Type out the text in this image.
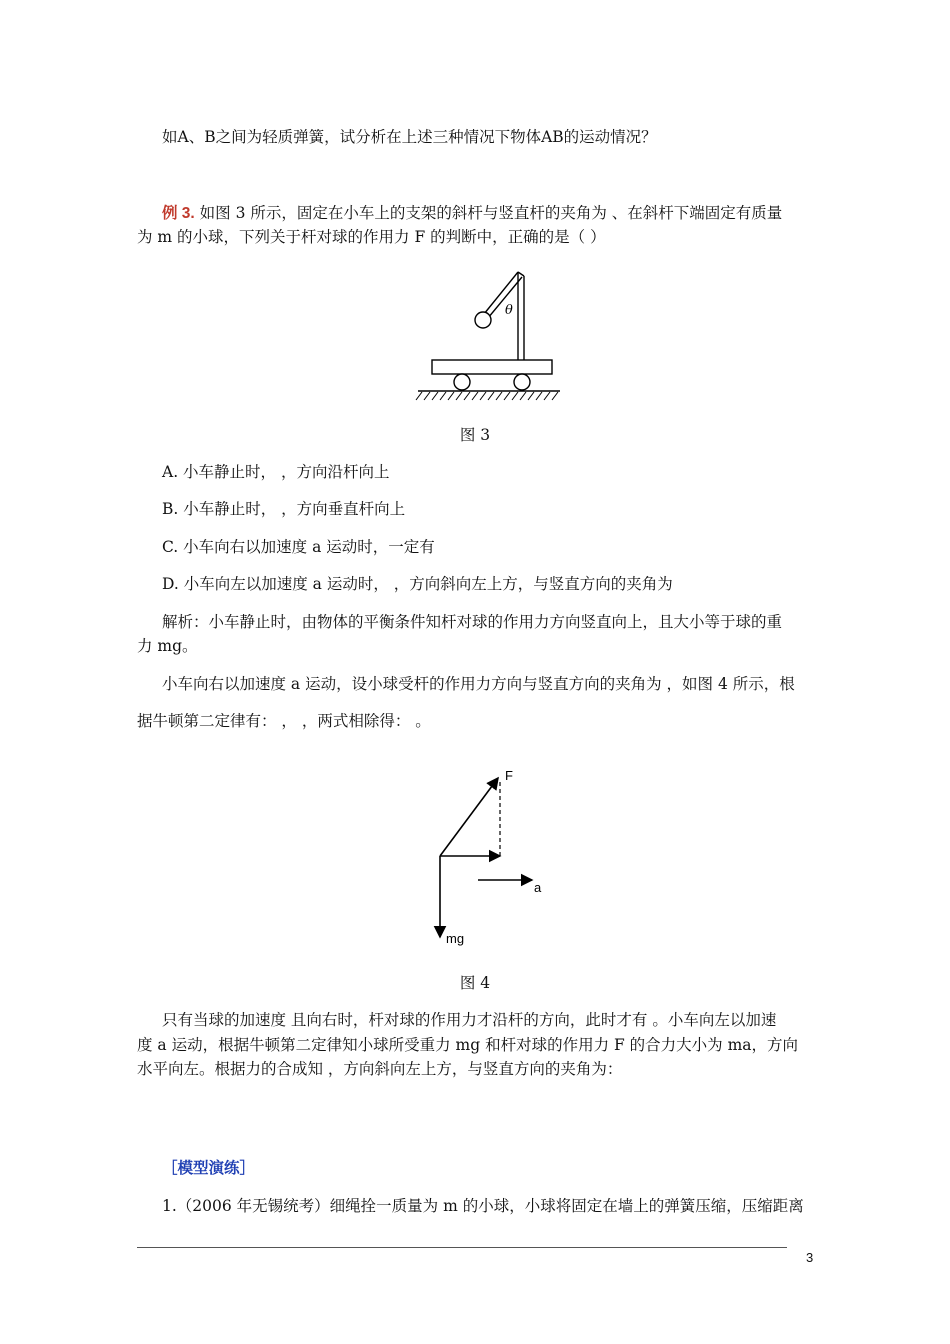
如A、B之间为轻质弹簧，试分析在上述三种情况下物体AB的运动情况？
例 3. 如图 3 所示，固定在小车上的支架的斜杆与竖直杆的夹角为 、在斜杆下端固定有质量
为 m 的小球，下列关于杆对球的作用力 F 的判断中，正确的是（ ）
θ
图 3
A. 小车静止时， ，方向沿杆向上
B. 小车静止时， ，方向垂直杆向上
C. 小车向右以加速度 a 运动时，一定有
D. 小车向左以加速度 a 运动时， ，方向斜向左上方，与竖直方向的夹角为
解析：小车静止时，由物体的平衡条件知杆对球的作用力方向竖直向上，且大小等于球的重
力 mg。
小车向右以加速度 a 运动，设小球受杆的作用力方向与竖直方向的夹角为 ，如图 4 所示，根
据牛顿第二定律有： ， ，两式相除得： 。
F
a
mg
图 4
只有当球的加速度 且向右时，杆对球的作用力才沿杆的方向，此时才有 。小车向左以加速
度 a 运动，根据牛顿第二定律知小球所受重力 mg 和杆对球的作用力 F 的合力大小为 ma，方向
水平向左。根据力的合成知 ，方向斜向左上方，与竖直方向的夹角为：
［模型演练］
1.（2006 年无锡统考）细绳拴一质量为 m 的小球，小球将固定在墙上的弹簧压缩，压缩距离
3
